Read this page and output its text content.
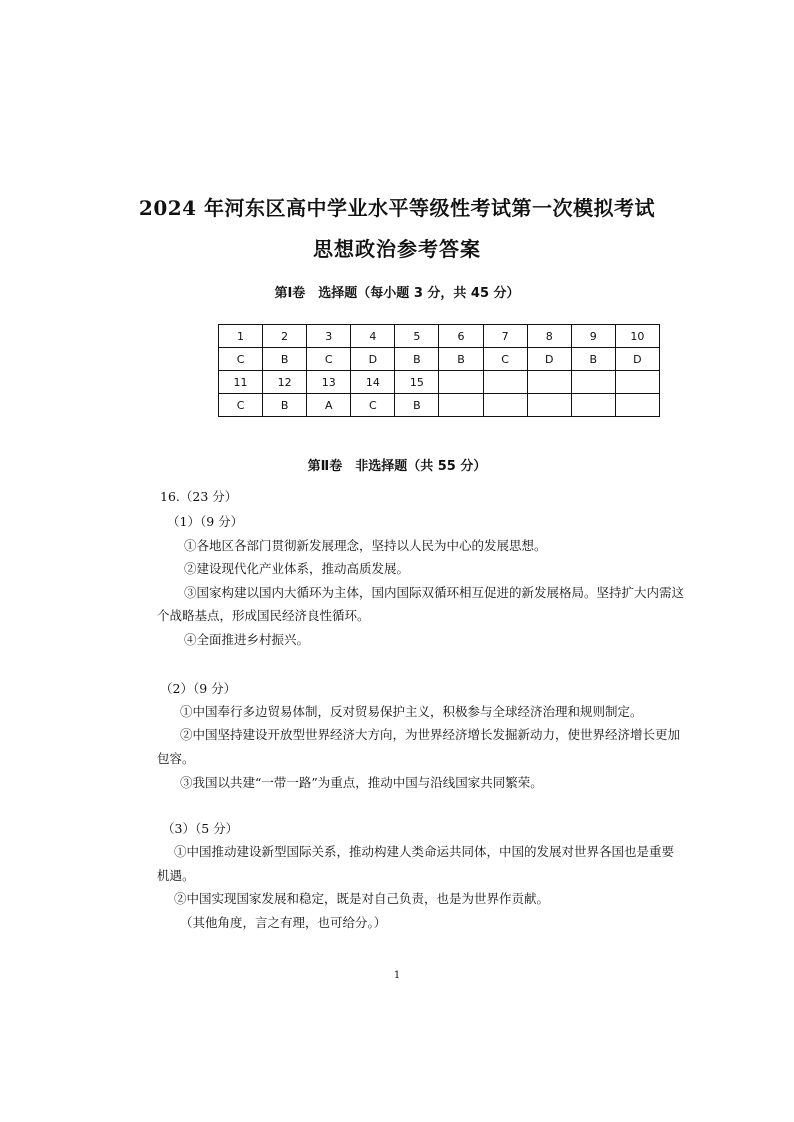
2024 年河东区高中学业水平等级性考试第一次模拟考试
思想政治参考答案
第Ⅰ卷　选择题（每小题 3 分，共 45 分）
1	2	3	4	5	6	7	8	9	10
C	B	C	D	B	B	C	D	B	D
11	12	13	14	15					
C	B	A	C	B					
第Ⅱ卷　非选择题（共 55 分）
16.（23 分）
（1）（9 分）
①各地区各部门贯彻新发展理念，坚持以人民为中心的发展思想。
②建设现代化产业体系，推动高质发展。
③国家构建以国内大循环为主体，国内国际双循环相互促进的新发展格局。坚持扩大内需这
个战略基点，形成国民经济良性循环。
④全面推进乡村振兴。
（2）（9 分）
①中国奉行多边贸易体制，反对贸易保护主义，积极参与全球经济治理和规则制定。
②中国坚持建设开放型世界经济大方向，为世界经济增长发掘新动力，使世界经济增长更加
包容。
③我国以共建“一带一路”为重点，推动中国与沿线国家共同繁荣。
（3）（5 分）
①中国推动建设新型国际关系，推动构建人类命运共同体，中国的发展对世界各国也是重要
机遇。
②中国实现国家发展和稳定，既是对自己负责，也是为世界作贡献。
（其他角度，言之有理，也可给分。）
1
